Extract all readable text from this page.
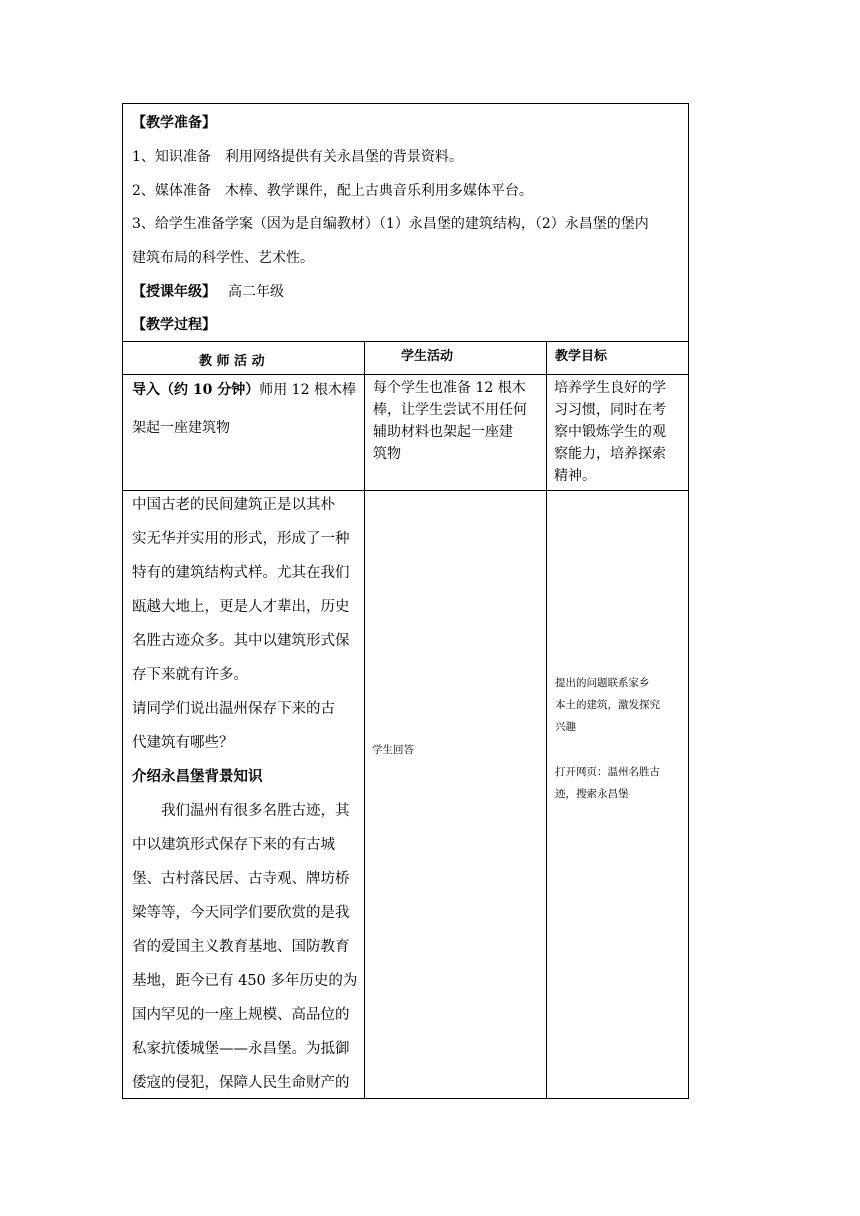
【教学准备】
1、知识准备　利用网络提供有关永昌堡的背景资料。
2、媒体准备　木棒、教学课件，配上古典音乐利用多媒体平台。
3、给学生准备学案（因为是自编教材）（1）永昌堡的建筑结构，（2）永昌堡的堡内
建筑布局的科学性、艺术性。
【授课年级】 高二年级
【教学过程】
教 师 活 动	学生活动	教学目标
导入（约 10 分钟）师用 12 根木棒
架起一座建筑物
每个学生也准备 12 根木
棒，让学生尝试不用任何
辅助材料也架起一座建
筑物
培养学生良好的学
习习惯，同时在考
察中锻炼学生的观
察能力，培养探索
精神。
中国古老的民间建筑正是以其朴
实无华并实用的形式，形成了一种
特有的建筑结构式样。尤其在我们
瓯越大地上，更是人才辈出，历史
名胜古迹众多。其中以建筑形式保
存下来就有许多。
请同学们说出温州保存下来的古
代建筑有哪些？
介绍永昌堡背景知识
　　我们温州有很多名胜古迹，其
中以建筑形式保存下来的有古城
堡、古村落民居、古寺观、牌坊桥
梁等等，今天同学们要欣赏的是我
省的爱国主义教育基地、国防教育
基地，距今已有 450 多年历史的为
国内罕见的一座上规模、高品位的
私家抗倭城堡——永昌堡。为抵御
倭寇的侵犯，保障人民生命财产的
学生回答
提出的问题联系家乡
本土的建筑，激发探究
兴趣
打开网页：温州名胜古
迹，搜索永昌堡
